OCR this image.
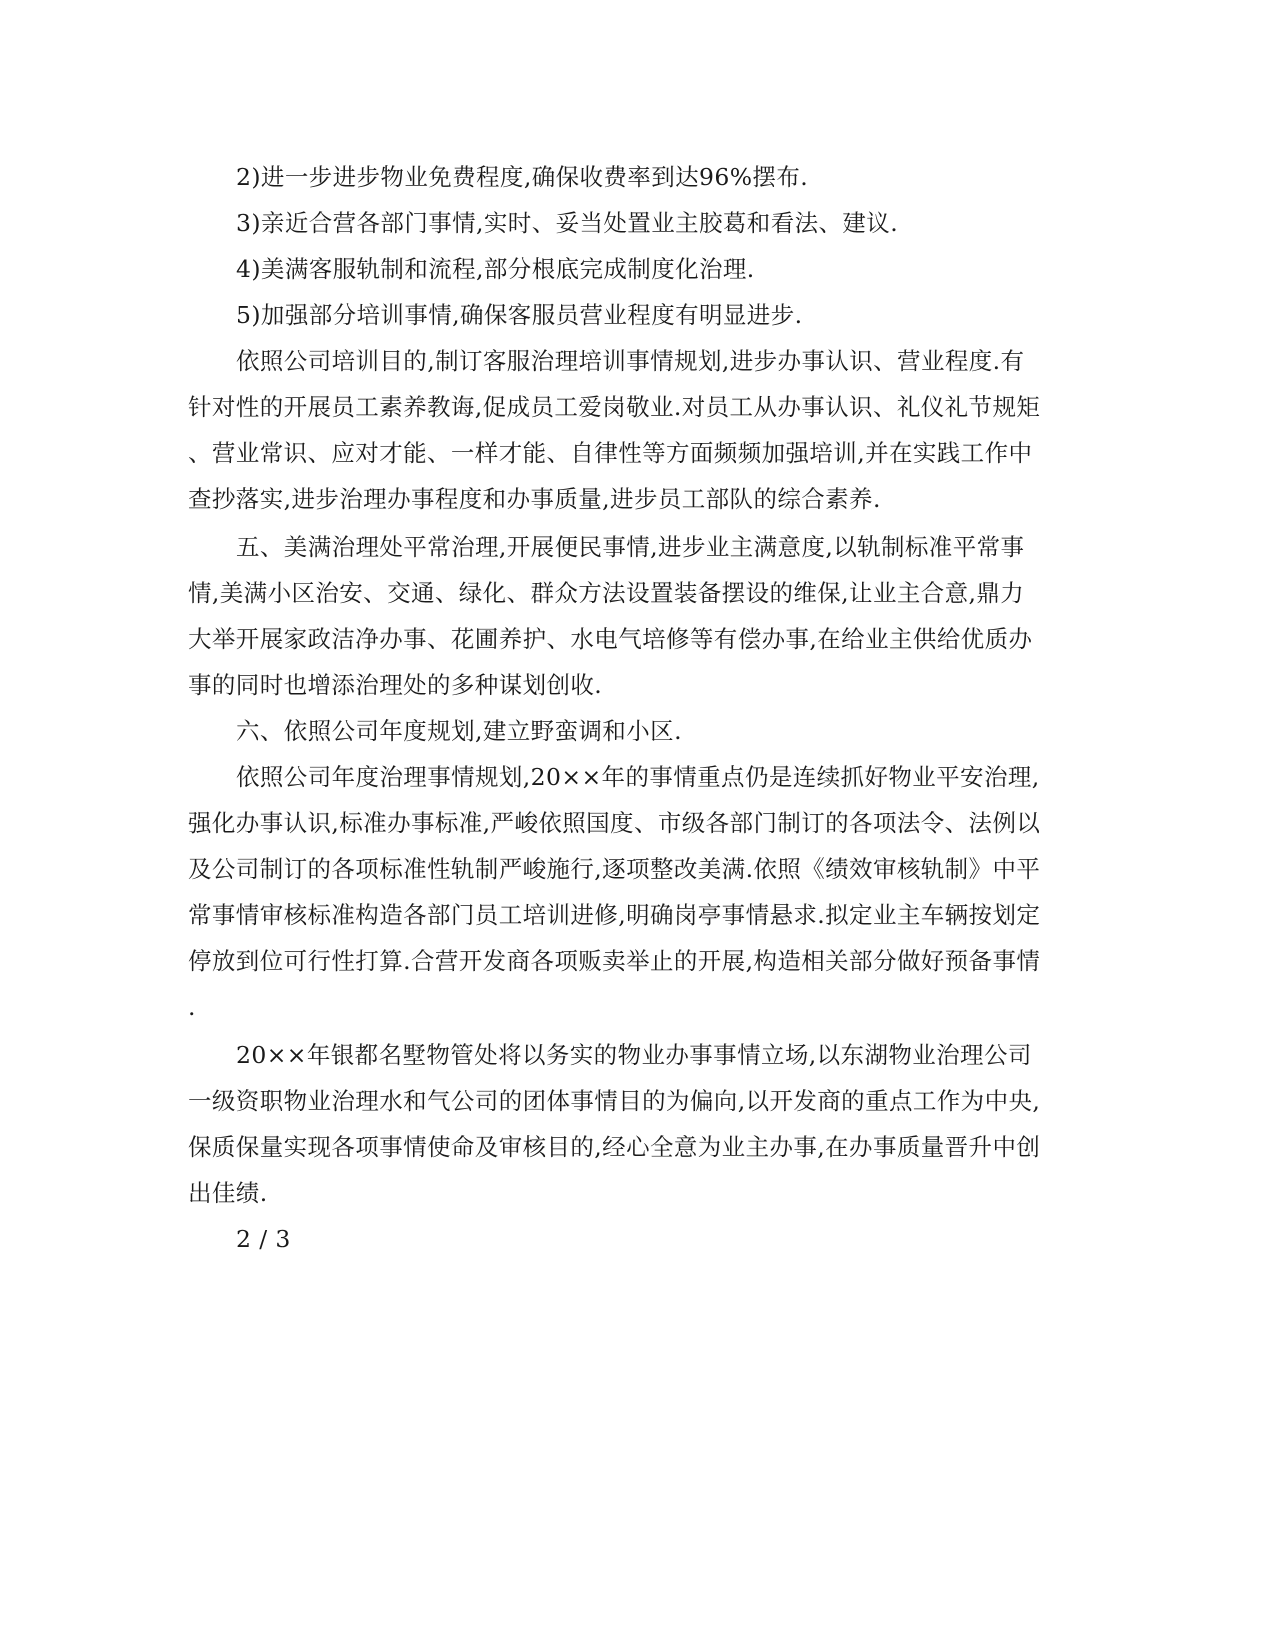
2)进一步进步物业免费程度,确保收费率到达96%摆布.
3)亲近合营各部门事情,实时、妥当处置业主胶葛和看法、建议.
4)美满客服轨制和流程,部分根底完成制度化治理.
5)加强部分培训事情,确保客服员营业程度有明显进步.
依照公司培训目的,制订客服治理培训事情规划,进步办事认识、营业程度.有
针对性的开展员工素养教诲,促成员工爱岗敬业.对员工从办事认识、礼仪礼节规矩
、营业常识、应对才能、一样才能、自律性等方面频频加强培训,并在实践工作中
查抄落实,进步治理办事程度和办事质量,进步员工部队的综合素养.
五、美满治理处平常治理,开展便民事情,进步业主满意度,以轨制标准平常事
情,美满小区治安、交通、绿化、群众方法设置装备摆设的维保,让业主合意,鼎力
大举开展家政洁净办事、花圃养护、水电气培修等有偿办事,在给业主供给优质办
事的同时也增添治理处的多种谋划创收.
六、依照公司年度规划,建立野蛮调和小区.
依照公司年度治理事情规划,20××年的事情重点仍是连续抓好物业平安治理,
强化办事认识,标准办事标准,严峻依照国度、市级各部门制订的各项法令、法例以
及公司制订的各项标准性轨制严峻施行,逐项整改美满.依照《绩效审核轨制》中平
常事情审核标准构造各部门员工培训进修,明确岗亭事情悬求.拟定业主车辆按划定
停放到位可行性打算.合营开发商各项贩卖举止的开展,构造相关部分做好预备事情
.
20××年银都名墅物管处将以务实的物业办事事情立场,以东湖物业治理公司
一级资职物业治理水和气公司的团体事情目的为偏向,以开发商的重点工作为中央,
保质保量实现各项事情使命及审核目的,经心全意为业主办事,在办事质量晋升中创
出佳绩.
2 / 3
